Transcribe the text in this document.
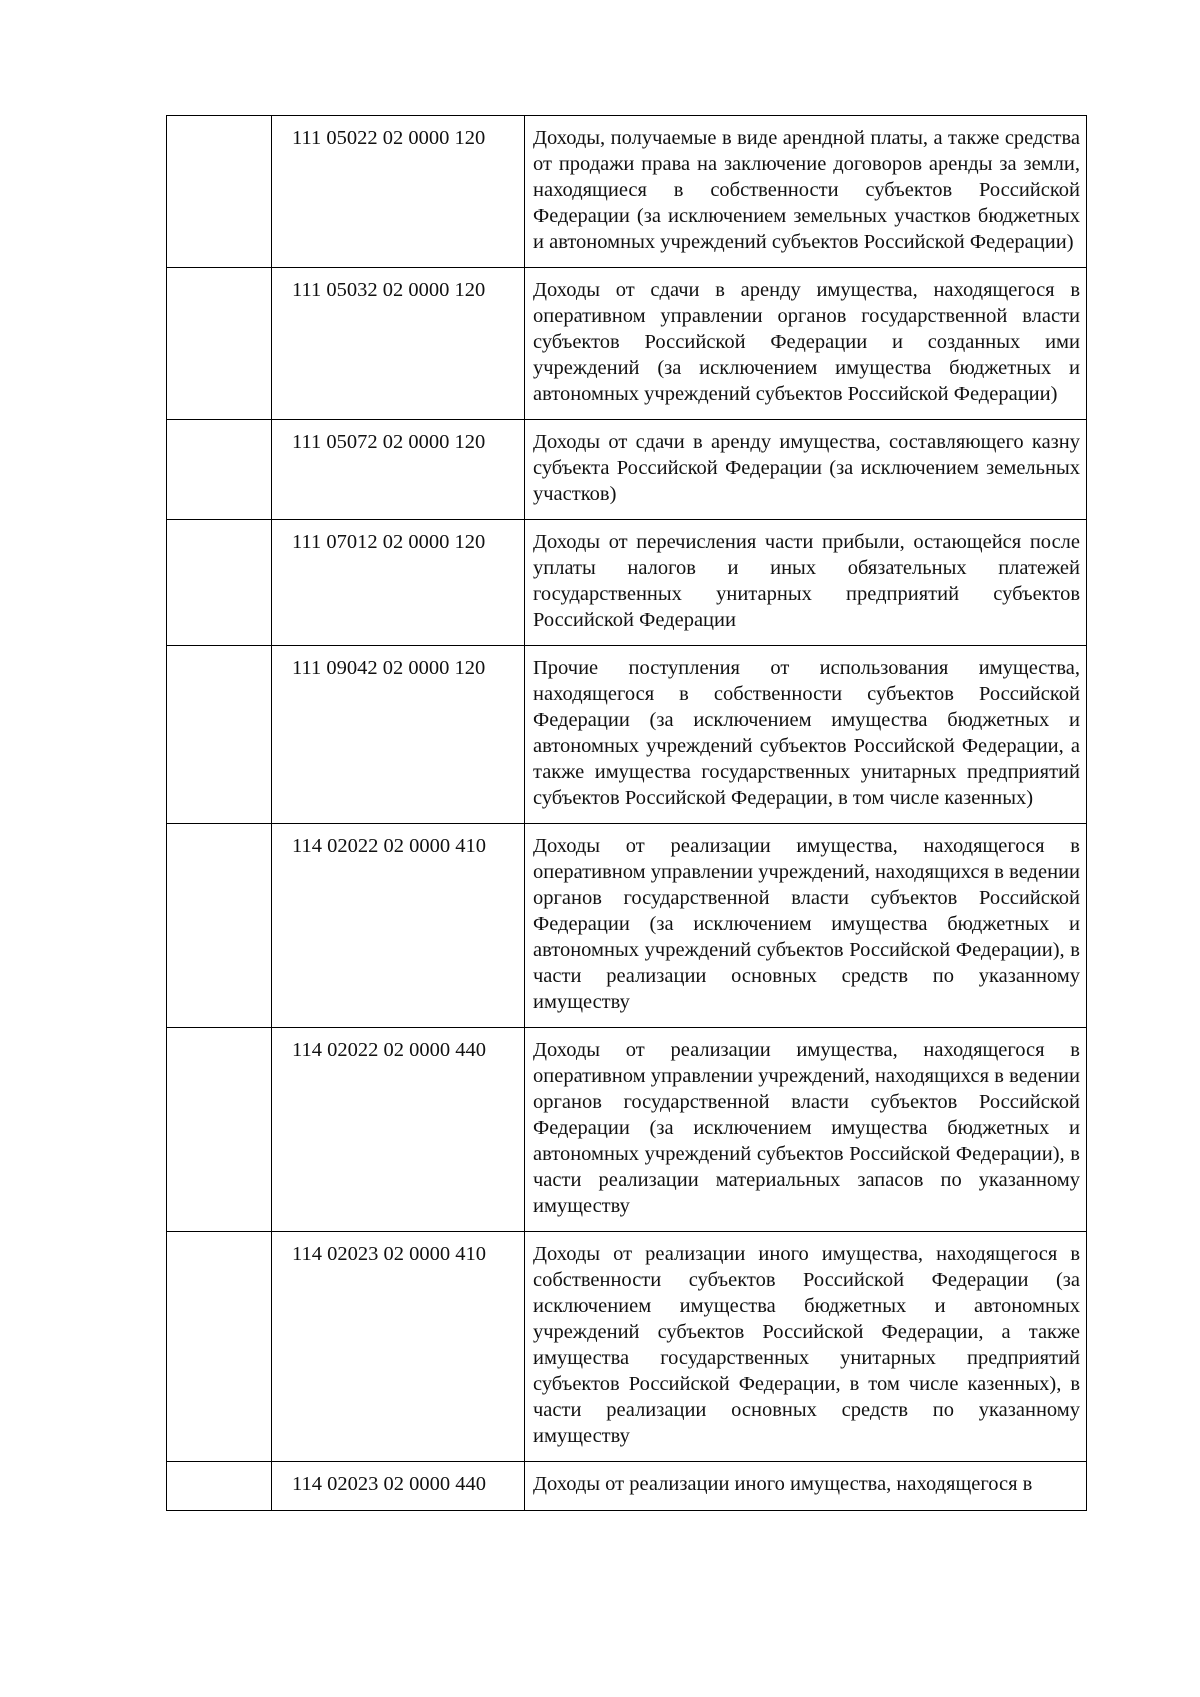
	111 05022 02 0000 120	Доходы, получаемые в виде арендной платы, а также средства от продажи права на заключение договоров аренды за земли, находящиеся в собственности субъектов Российской Федерации (за исключением земельных участков бюджетных и автономных учреждений субъектов Российской Федерации)
	111 05032 02 0000 120	Доходы от сдачи в аренду имущества, находящегося в оперативном управлении органов государственной власти субъектов Российской Федерации и созданных ими учреждений (за исключением имущества бюджетных и автономных учреждений субъектов Российской Федерации)
	111 05072 02 0000 120	Доходы от сдачи в аренду имущества, составляющего казну субъекта Российской Федерации (за исключением земельных участков)
	111 07012 02 0000 120	Доходы от перечисления части прибыли, остающейся после уплаты налогов и иных обязательных платежей государственных унитарных предприятий субъектов Российской Федерации
	111 09042 02 0000 120	Прочие поступления от использования имущества, находящегося в собственности субъектов Российской Федерации (за исключением имущества бюджетных и автономных учреждений субъектов Российской Федерации, а также имущества государственных унитарных предприятий субъектов Российской Федерации, в том числе казенных)
	114 02022 02 0000 410	Доходы от реализации имущества, находящегося в оперативном управлении учреждений, находящихся в ведении органов государственной власти субъектов Российской Федерации (за исключением имущества бюджетных и автономных учреждений субъектов Российской Федерации), в части реализации основных средств по указанному имуществу
	114 02022 02 0000 440	Доходы от реализации имущества, находящегося в оперативном управлении учреждений, находящихся в ведении органов государственной власти субъектов Российской Федерации (за исключением имущества бюджетных и автономных учреждений субъектов Российской Федерации), в части реализации материальных запасов по указанному имуществу
	114 02023 02 0000 410	Доходы от реализации иного имущества, находящегося в собственности субъектов Российской Федерации (за исключением имущества бюджетных и автономных учреждений субъектов Российской Федерации, а также имущества государственных унитарных предприятий субъектов Российской Федерации, в том числе казенных), в части реализации основных средств по указанному имуществу
	114 02023 02 0000 440	Доходы от реализации иного имущества, находящегося в
